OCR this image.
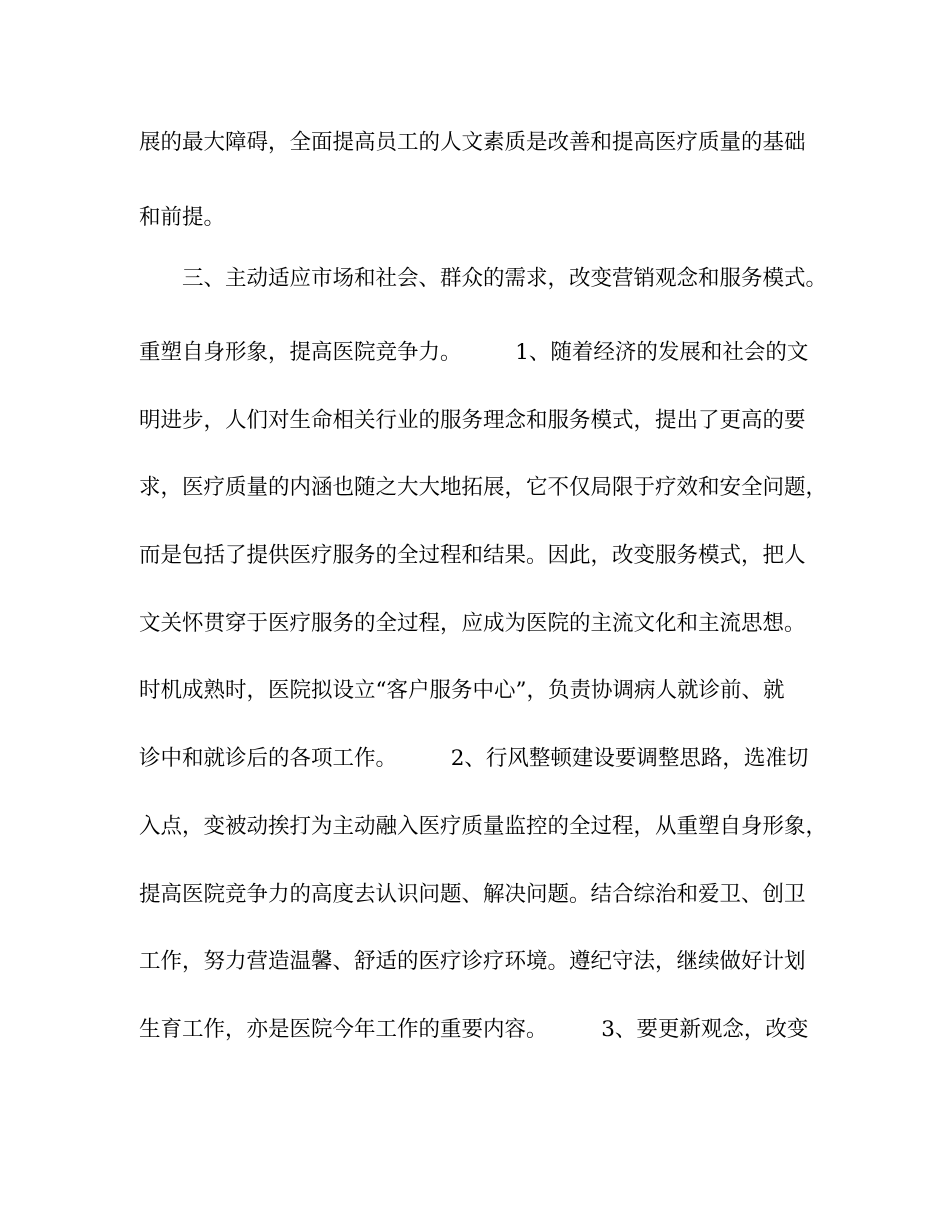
展的最大障碍，全面提高员工的人文素质是改善和提高医疗质量的基础
和前提。
　　三、主动适应市场和社会、群众的需求，改变营销观念和服务模式。
重塑自身形象，提高医院竞争力。　　　1、随着经济的发展和社会的文
明进步，人们对生命相关行业的服务理念和服务模式，提出了更高的要
求，医疗质量的内涵也随之大大地拓展，它不仅局限于疗效和安全问题，
而是包括了提供医疗服务的全过程和结果。因此，改变服务模式，把人
文关怀贯穿于医疗服务的全过程，应成为医院的主流文化和主流思想。
时机成熟时，医院拟设立“客户服务中心”，负责协调病人就诊前、就
诊中和就诊后的各项工作。　　　2、行风整顿建设要调整思路，选准切
入点，变被动挨打为主动融入医疗质量监控的全过程，从重塑自身形象，
提高医院竞争力的高度去认识问题、解决问题。结合综治和爱卫、创卫
工作，努力营造温馨、舒适的医疗诊疗环境。遵纪守法，继续做好计划
生育工作，亦是医院今年工作的重要内容。　　　3、要更新观念，改变
